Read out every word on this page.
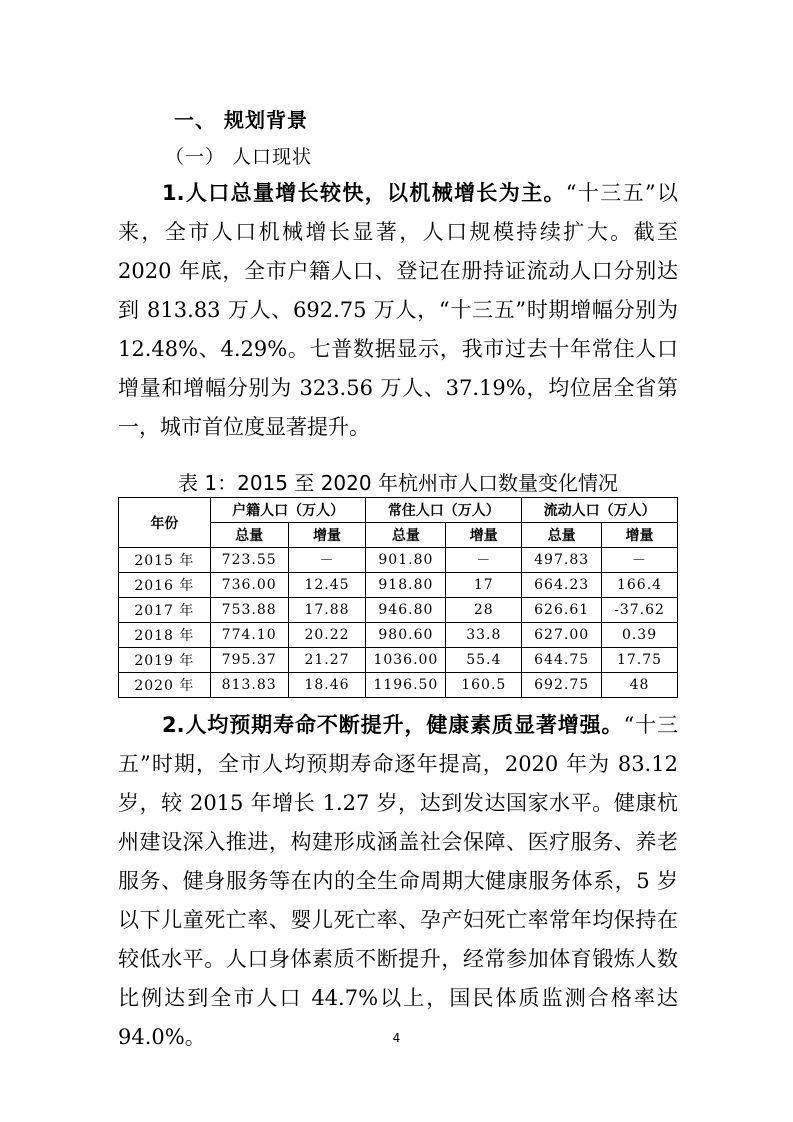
一、 规划背景
（一） 人口现状

1.人口总量增长较快，以机械增长为主。“十三五”以来，全市人口机械增长显著，人口规模持续扩大。截至 2020 年底，全市户籍人口、登记在册持证流动人口分别达到 813.83 万人、692.75 万人，“十三五”时期增幅分别为 12.48%、4.29%。七普数据显示，我市过去十年常住人口增量和增幅分别为 323.56 万人、37.19%，均位居全省第一，城市首位度显著提升。

表 1：2015 至 2020 年杭州市人口数量变化情况
年份	户籍人口（万人）		常住人口（万人）		流动人口（万人）	
	总量	增量	总量	增量	总量	增量
2015 年	723.55	－	901.80	－	497.83	－
2016 年	736.00	12.45	918.80	17	664.23	166.4
2017 年	753.88	17.88	946.80	28	626.61	-37.62
2018 年	774.10	20.22	980.60	33.8	627.00	0.39
2019 年	795.37	21.27	1036.00	55.4	644.75	17.75
2020 年	813.83	18.46	1196.50	160.5	692.75	48

2.人均预期寿命不断提升，健康素质显著增强。“十三五”时期，全市人均预期寿命逐年提高，2020 年为 83.12 岁，较 2015 年增长 1.27 岁，达到发达国家水平。健康杭州建设深入推进，构建形成涵盖社会保障、医疗服务、养老服务、健身服务等在内的全生命周期大健康服务体系，5 岁以下儿童死亡率、婴儿死亡率、孕产妇死亡率常年均保持在较低水平。人口身体素质不断提升，经常参加体育锻炼人数比例达到全市人口 44.7%以上，国民体质监测合格率达 94.0%。	4
